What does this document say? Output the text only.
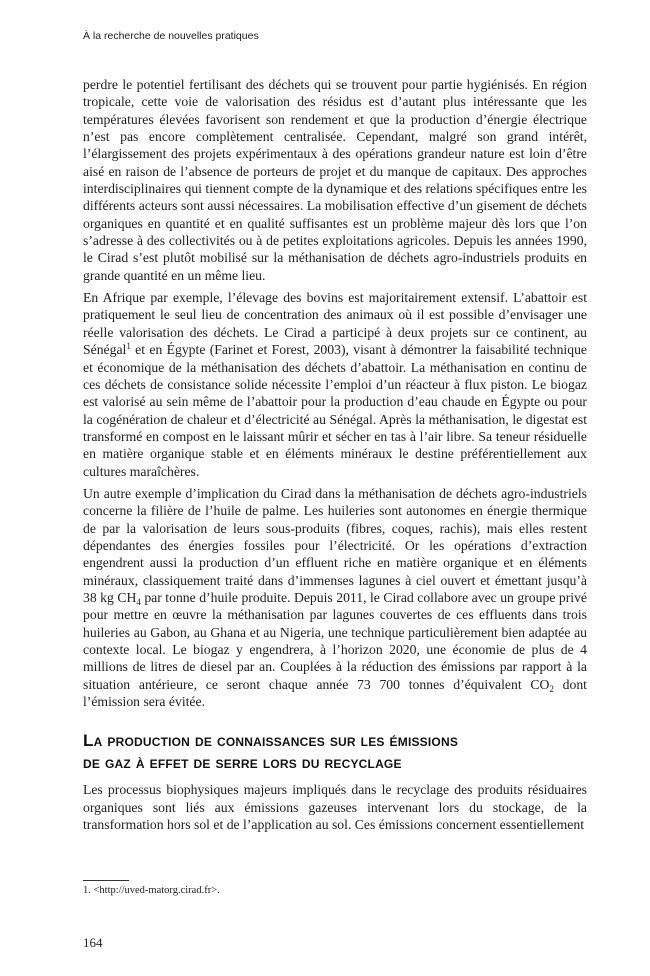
À la recherche de nouvelles pratiques

perdre le potentiel fertilisant des déchets qui se trouvent pour partie hygiénisés. En région tropicale, cette voie de valorisation des résidus est d’autant plus intéressante que les températures élevées favorisent son rendement et que la production d’énergie électrique n’est pas encore complètement centralisée. Cependant, malgré son grand intérêt, l’élargissement des projets expérimentaux à des opérations grandeur nature est loin d’être aisé en raison de l’absence de porteurs de projet et du manque de capitaux. Des approches interdisciplinaires qui tiennent compte de la dynamique et des relations spécifiques entre les différents acteurs sont aussi nécessaires. La mobilisation effective d’un gisement de déchets organiques en quantité et en qualité suffisantes est un problème majeur dès lors que l’on s’adresse à des collectivités ou à de petites exploitations agricoles. Depuis les années 1990, le Cirad s’est plutôt mobilisé sur la méthanisation de déchets agro-industriels produits en grande quantité en un même lieu.

En Afrique par exemple, l’élevage des bovins est majoritairement extensif. L’abattoir est pratiquement le seul lieu de concentration des animaux où il est possible d’envisager une réelle valorisation des déchets. Le Cirad a participé à deux projets sur ce continent, au Sénégal$^1$ et en Égypte (Farinet et Forest, 2003), visant à démontrer la faisabilité technique et économique de la méthanisation des déchets d’abattoir. La méthanisation en continu de ces déchets de consistance solide nécessite l’emploi d’un réacteur à flux piston. Le biogaz est valorisé au sein même de l’abattoir pour la production d’eau chaude en Égypte ou pour la cogénération de chaleur et d’électricité au Sénégal. Après la méthanisation, le digestat est transformé en compost en le laissant mûrir et sécher en tas à l’air libre. Sa teneur résiduelle en matière organique stable et en éléments minéraux le destine préférentiellement aux cultures maraîchères.

Un autre exemple d’implication du Cirad dans la méthanisation de déchets agro-industriels concerne la filière de l’huile de palme. Les huileries sont autonomes en énergie thermique de par la valorisation de leurs sous-produits (fibres, coques, rachis), mais elles restent dépendantes des énergies fossiles pour l’électricité. Or les opérations d’extraction engendrent aussi la production d’un effluent riche en matière organique et en éléments minéraux, classiquement traité dans d’immenses lagunes à ciel ouvert et émettant jusqu’à 38 kg $CH_4$ par tonne d’huile produite. Depuis 2011, le Cirad collabore avec un groupe privé pour mettre en œuvre la méthanisation par lagunes couvertes de ces effluents dans trois huileries au Gabon, au Ghana et au Nigeria, une technique particulièrement bien adaptée au contexte local. Le biogaz y engendrera, à l’horizon 2020, une économie de plus de 4 millions de litres de diesel par an. Couplées à la réduction des émissions par rapport à la situation antérieure, ce seront chaque année 73 700 tonnes d’équivalent $CO_2$ dont l’émission sera évitée.

La production de connaissances sur les émissions
de gaz à effet de serre lors du recyclage

Les processus biophysiques majeurs impliqués dans le recyclage des produits résiduaires organiques sont liés aux émissions gazeuses intervenant lors du stockage, de la transformation hors sol et de l’application au sol. Ces émissions concernent essentiellement

1. <http://uved-matorg.cirad.fr>.
164
